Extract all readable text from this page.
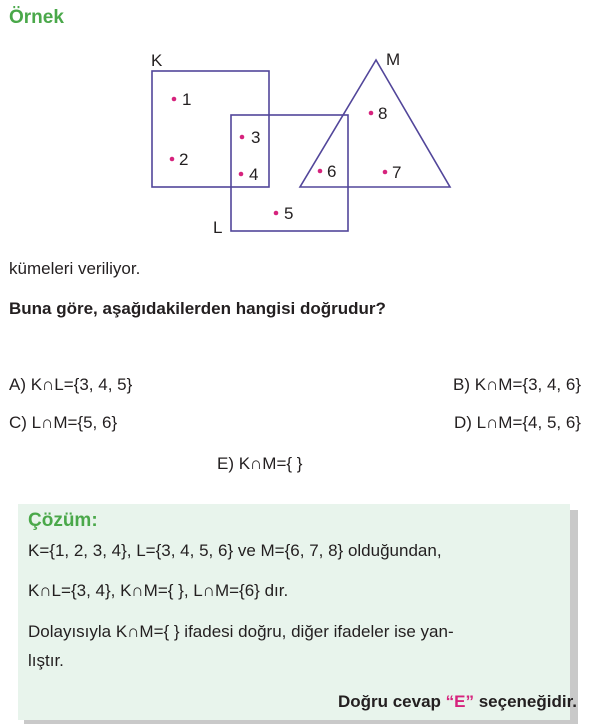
Örnek
K
L
M
1
2
3
4
5
6	7
8
kümeleri veriliyor.
Buna göre, aşağıdakilerden hangisi doğrudur?
A) K∩L={3, 4, 5}	B) K∩M={3, 4, 6}
C) L∩M={5, 6}	D) L∩M={4, 5, 6}
E) K∩M={ }
Çözüm:
K={1, 2, 3, 4}, L={3, 4, 5, 6} ve M={6, 7, 8} olduğundan,
K∩L={3, 4}, K∩M={ }, L∩M={6} dır.
Dolayısıyla K∩M={ } ifadesi doğru, diğer ifadeler ise yan-
lıştır.
Doğru cevap “E” seçeneğidir.
